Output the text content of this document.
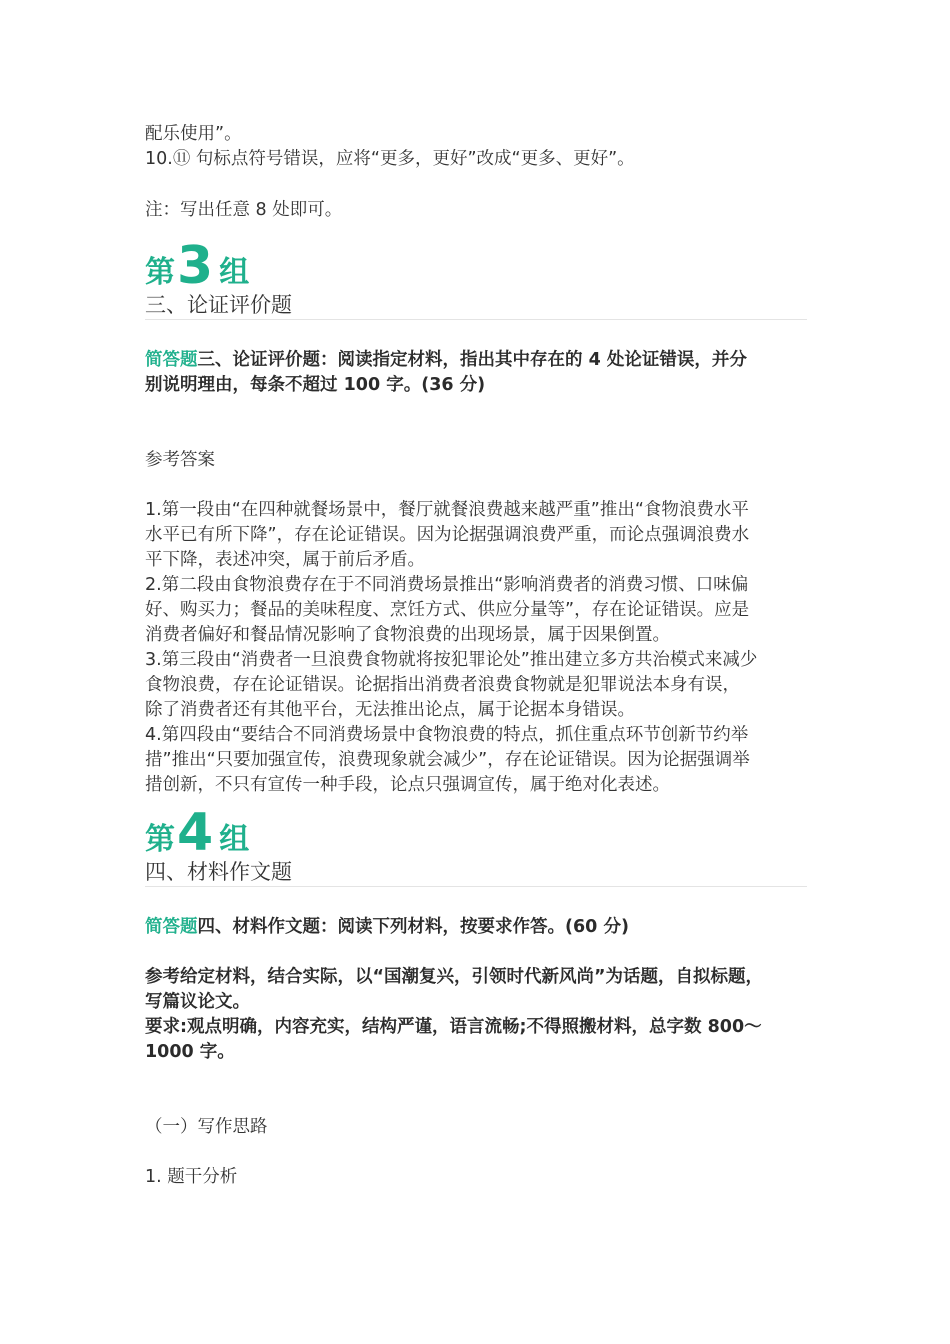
配乐使用”。

10.⑪ 句标点符号错误，应将“更多，更好”改成“更多、更好”。

注：写出任意 8 处即可。

第 3 组
三、论证评价题

简答题三、论证评价题：阅读指定材料，指出其中存在的 4 处论证错误，并分

别说明理由，每条不超过 100 字。(36 分)

参考答案

1.第一段由“在四种就餐场景中，餐厅就餐浪费越来越严重”推出“食物浪费水平

水平已有所下降”，存在论证错误。因为论据强调浪费严重，而论点强调浪费水

平下降，表述冲突，属于前后矛盾。

2.第二段由食物浪费存在于不同消费场景推出“影响消费者的消费习惯、口味偏

好、购买力；餐品的美味程度、烹饪方式、供应分量等”，存在论证错误。应是

消费者偏好和餐品情况影响了食物浪费的出现场景，属于因果倒置。

3.第三段由“消费者一旦浪费食物就将按犯罪论处”推出建立多方共治模式来减少

食物浪费，存在论证错误。论据指出消费者浪费食物就是犯罪说法本身有误，

除了消费者还有其他平台，无法推出论点，属于论据本身错误。

4.第四段由“要结合不同消费场景中食物浪费的特点，抓住重点环节创新节约举

措”推出“只要加强宣传，浪费现象就会减少”，存在论证错误。因为论据强调举

措创新，不只有宣传一种手段，论点只强调宣传，属于绝对化表述。

第 4 组
四、材料作文题

简答题四、材料作文题：阅读下列材料，按要求作答。(60 分)

参考给定材料，结合实际，以“国潮复兴，引领时代新风尚”为话题，自拟标题，

写篇议论文。

要求:观点明确，内容充实，结构严谨，语言流畅;不得照搬材料，总字数 800～

1000 字。

（一）写作思路

1. 题干分析
